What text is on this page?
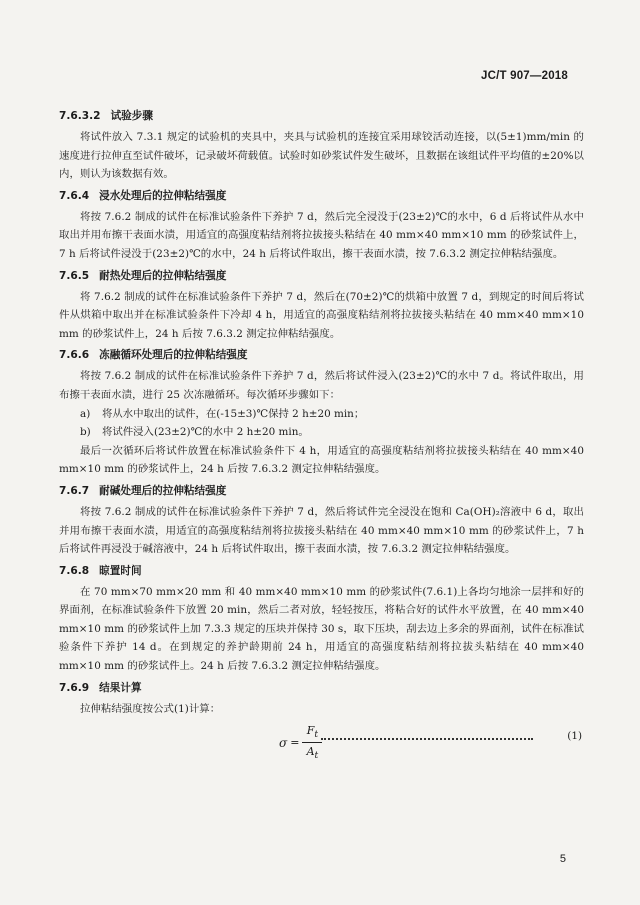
JC/T 907—2018
7.6.3.2 试验步骤

将试件放入 7.3.1 规定的试验机的夹具中，夹具与试验机的连接宜采用球铰活动连接，以(5±1)mm/min 的速度进行拉伸直至试件破坏，记录破坏荷载值。试验时如砂浆试件发生破坏，且数据在该组试件平均值的±20%以内，则认为该数据有效。

7.6.4 浸水处理后的拉伸粘结强度

将按 7.6.2 制成的试件在标准试验条件下养护 7 d，然后完全浸没于(23±2)℃的水中，6 d 后将试件从水中取出并用布擦干表面水渍，用适宜的高强度粘结剂将拉拔接头粘结在 40 mm×40 mm×10 mm 的砂浆试件上，7 h 后将试件浸没于(23±2)℃的水中，24 h 后将试件取出，擦干表面水渍，按 7.6.3.2 测定拉伸粘结强度。

7.6.5 耐热处理后的拉伸粘结强度

将 7.6.2 制成的试件在标准试验条件下养护 7 d，然后在(70±2)℃的烘箱中放置 7 d，到规定的时间后将试件从烘箱中取出并在标准试验条件下冷却 4 h，用适宜的高强度粘结剂将拉拔接头粘结在 40 mm×40 mm×10 mm 的砂浆试件上，24 h 后按 7.6.3.2 测定拉伸粘结强度。

7.6.6 冻融循环处理后的拉伸粘结强度

将按 7.6.2 制成的试件在标准试验条件下养护 7 d，然后将试件浸入(23±2)℃的水中 7 d。将试件取出，用布擦干表面水渍，进行 25 次冻融循环。每次循环步骤如下：

a) 将从水中取出的试件，在(-15±3)℃保持 2 h±20 min；

b) 将试件浸入(23±2)℃的水中 2 h±20 min。

最后一次循环后将试件放置在标准试验条件下 4 h，用适宜的高强度粘结剂将拉拔接头粘结在 40 mm×40 mm×10 mm 的砂浆试件上，24 h 后按 7.6.3.2 测定拉伸粘结强度。

7.6.7 耐碱处理后的拉伸粘结强度

将按 7.6.2 制成的试件在标准试验条件下养护 7 d，然后将试件完全浸没在饱和 Ca(OH)₂溶液中 6 d，取出并用布擦干表面水渍，用适宜的高强度粘结剂将拉拔接头粘结在 40 mm×40 mm×10 mm 的砂浆试件上，7 h 后将试件再浸没于碱溶液中，24 h 后将试件取出，擦干表面水渍，按 7.6.3.2 测定拉伸粘结强度。

7.6.8 晾置时间

在 70 mm×70 mm×20 mm 和 40 mm×40 mm×10 mm 的砂浆试件(7.6.1)上各均匀地涂一层拌和好的界面剂，在标准试验条件下放置 20 min，然后二者对放，轻轻按压，将粘合好的试件水平放置，在 40 mm×40 mm×10 mm 的砂浆试件上加 7.3.3 规定的压块并保持 30 s，取下压块，刮去边上多余的界面剂，试件在标准试验条件下养护 14 d。在到规定的养护龄期前 24 h，用适宜的高强度粘结剂将拉拔头粘结在 40 mm×40 mm×10 mm 的砂浆试件上。24 h 后按 7.6.3.2 测定拉伸粘结强度。

7.6.9 结果计算

拉伸粘结强度按公式(1)计算：

$\sigma = \frac{F_t}{A_t}$	(1)
5
